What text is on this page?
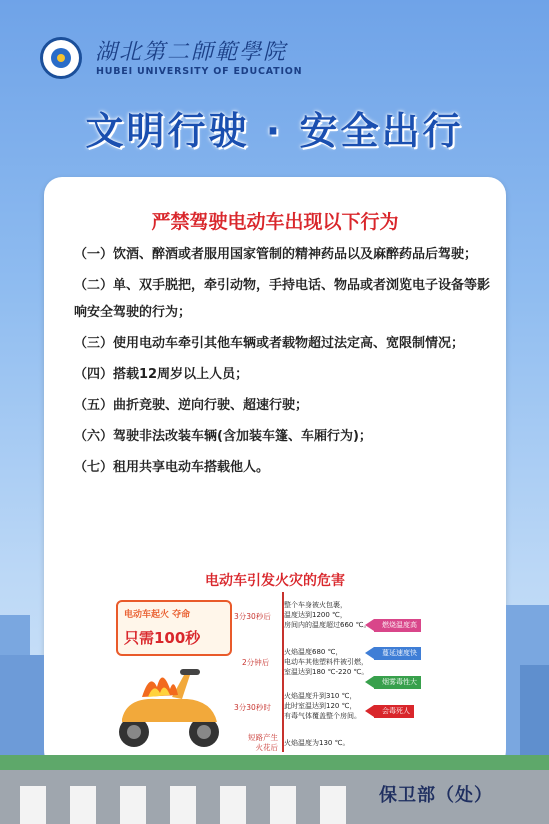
湖北第二師範學院
HUBEI UNIVERSITY OF EDUCATION
文明行驶 · 安全出行
严禁驾驶电动车出现以下行为
（一）饮酒、醉酒或者服用国家管制的精神药品以及麻醉药品后驾驶；
（二）单、双手脱把，牵引动物，手持电话、物品或者浏览电子设备等影响安全驾驶的行为；
（三）使用电动车牵引其他车辆或者载物超过法定高、宽限制情况；
（四）搭载12周岁以上人员；
（五）曲折竞驶、逆向行驶、超速行驶；
（六）驾驶非法改装车辆(含加装车篷、车厢行为)；
（七）租用共享电动车搭载他人。
电动车引发火灾的危害
电动车起火 夺命
只需100秒
3分30秒后
整个车身被火包裹，
温度达到1200 ℃，
房间内的温度超过660 ℃。
2分钟后
火焰温度680 ℃，
电动车其他塑料件被引燃，
室温达到180 ℃-220 ℃。
3分30秒时
火焰温度升到310 ℃，
此时室温达到120 ℃，
有毒气体覆盖整个房间。
短路产生火花后 火焰温度为130 ℃。
燃烧温度高
蔓延速度快
烟雾毒性大
会毒死人
保卫部（处）
